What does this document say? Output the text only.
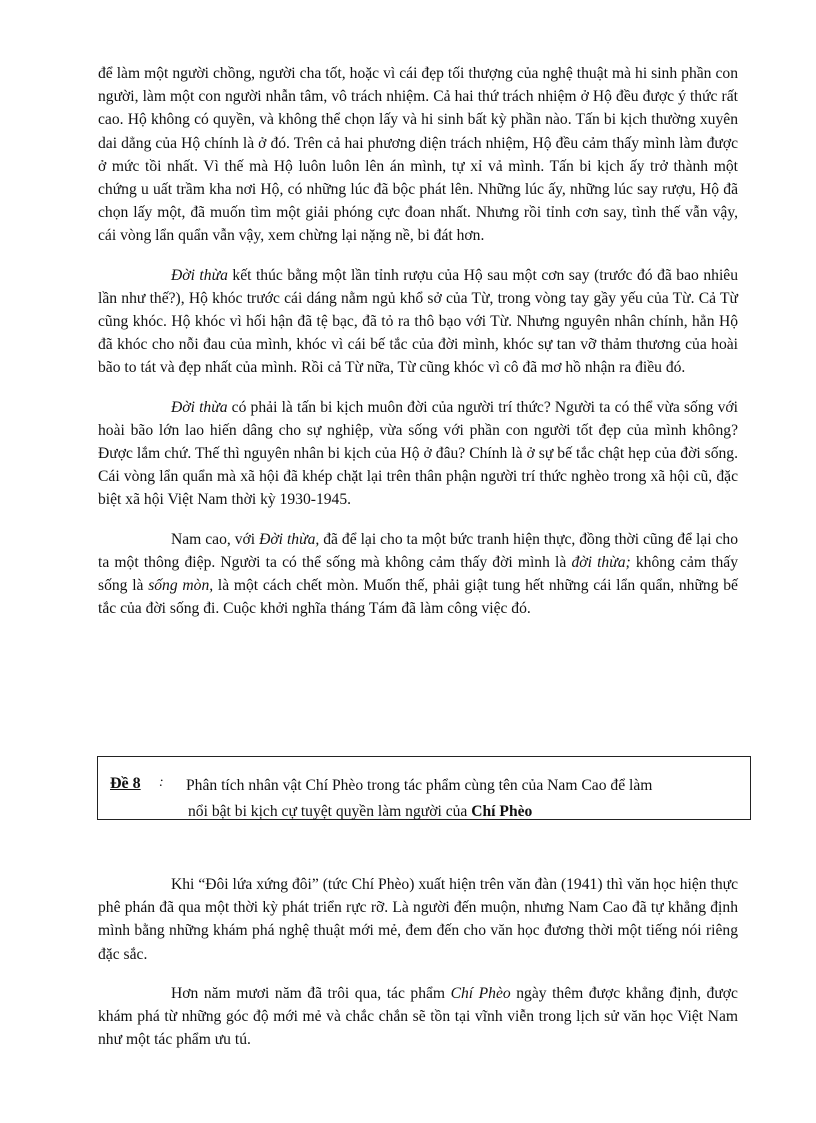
để làm một người chồng, người cha tốt, hoặc vì cái đẹp tối thượng của nghệ thuật mà hi sinh phần con người, làm một con người nhẫn tâm, vô trách nhiệm. Cả hai thứ trách nhiệm ở Hộ đều được ý thức rất cao. Hộ không có quyền, và không thể chọn lấy và hi sinh bất kỳ phần nào. Tấn bi kịch thường xuyên dai dẳng của Hộ chính là ở đó. Trên cả hai phương diện trách nhiệm, Hộ đều cảm thấy mình làm được ở mức tồi nhất. Vì thế mà Hộ luôn luôn lên án mình, tự xỉ vả mình. Tấn bi kịch ấy trở thành một chứng u uất trầm kha nơi Hộ, có những lúc đã bộc phát lên. Những lúc ấy, những lúc say rượu, Hộ đã chọn lấy một, đã muốn tìm một giải phóng cực đoan nhất. Nhưng rồi tỉnh cơn say, tình thế vẫn vậy, cái vòng lẩn quẩn vẫn vậy, xem chừng lại nặng nề, bi đát hơn.

Đời thừa kết thúc bằng một lần tỉnh rượu của Hộ sau một cơn say (trước đó đã bao nhiêu lần như thế?), Hộ khóc trước cái dáng nằm ngủ khổ sở của Từ, trong vòng tay gầy yếu của Từ. Cả Từ cũng khóc. Hộ khóc vì hối hận đã tệ bạc, đã tỏ ra thô bạo với Từ. Nhưng nguyên nhân chính, hẳn Hộ đã khóc cho nỗi đau của mình, khóc vì cái bế tắc của đời mình, khóc sự tan vỡ thảm thương của hoài bão to tát và đẹp nhất của mình. Rồi cả Từ nữa, Từ cũng khóc vì cô đã mơ hồ nhận ra điều đó.

Đời thừa có phải là tấn bi kịch muôn đời của người trí thức? Người ta có thể vừa sống với hoài bão lớn lao hiến dâng cho sự nghiệp, vừa sống với phần con người tốt đẹp của mình không? Được lắm chứ. Thế thì nguyên nhân bi kịch của Hộ ở đâu? Chính là ở sự bế tắc chật hẹp của đời sống. Cái vòng lẩn quẩn mà xã hội đã khép chặt lại trên thân phận người trí thức nghèo trong xã hội cũ, đặc biệt xã hội Việt Nam thời kỳ 1930-1945.

Nam cao, với Đời thừa, đã để lại cho ta một bức tranh hiện thực, đồng thời cũng để lại cho ta một thông điệp. Người ta có thể sống mà không cảm thấy đời mình là đời thừa; không cảm thấy sống là sống mòn, là một cách chết mòn. Muốn thế, phải giật tung hết những cái lẩn quẩn, những bế tắc của đời sống đi. Cuộc khởi nghĩa tháng Tám đã làm công việc đó.

Đề 8 : Phân tích nhân vật Chí Phèo trong tác phẩm cùng tên của Nam Cao để làm
nổi bật bi kịch cự tuyệt quyền làm người của Chí Phèo

Khi “Đôi lứa xứng đôi” (tức Chí Phèo) xuất hiện trên văn đàn (1941) thì văn học hiện thực phê phán đã qua một thời kỳ phát triển rực rỡ. Là người đến muộn, nhưng Nam Cao đã tự khẳng định mình bằng những khám phá nghệ thuật mới mẻ, đem đến cho văn học đương thời một tiếng nói riêng đặc sắc.

Hơn năm mươi năm đã trôi qua, tác phẩm Chí Phèo ngày thêm được khẳng định, được khám phá từ những góc độ mới mẻ và chắc chắn sẽ tồn tại vĩnh viễn trong lịch sử văn học Việt Nam như một tác phẩm ưu tú.
